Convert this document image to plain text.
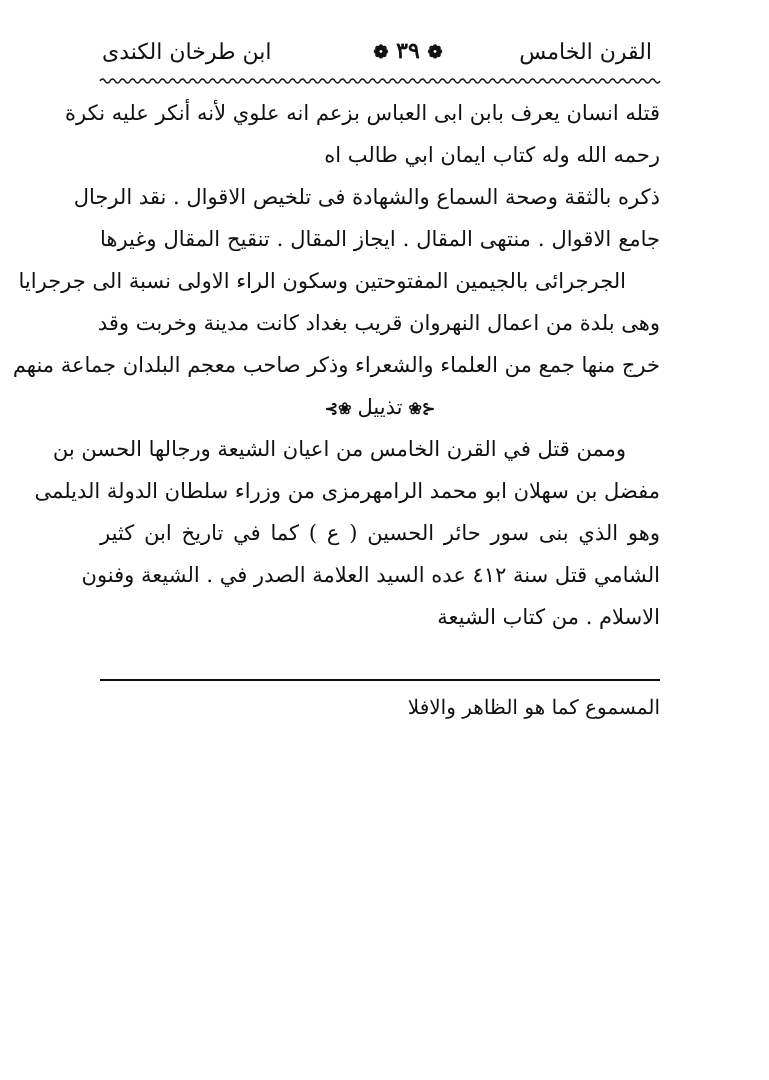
القرن الخامس
❁ ٣٩ ❁
ابن طرخان الكندى
قتله انسان يعرف بابن ابى العباس بزعم انه علوي لأنه أنكر عليه نكرة
رحمه الله وله كتاب ايمان ابي طالب اه
ذكره بالثقة وصحة السماع والشهادة فى تلخيص الاقوال . نقد الرجال
جامع الاقوال . منتهى المقال . ايجاز المقال . تنقيح المقال وغيرها
الجرجرائى بالجيمين المفتوحتين وسكون الراء الاولى نسبة الى جرجرايا
وهى بلدة من اعمال النهروان قريب بغداد كانت مدينة وخربت وقد
خرج منها جمع من العلماء والشعراء وذكر صاحب معجم البلدان جماعة منهم
⊰❀تذييل❀⊱
وممن قتل في القرن الخامس من اعيان الشيعة ورجالها الحسن بن
مفضل بن سهلان ابو محمد الرامهرمزى من وزراء سلطان الدولة الديلمى
وهو الذي بنى سور حائر الحسين ( ع ) كما في تاريخ ابن كثير
الشامي قتل سنة ٤١٢ عده السيد العلامة الصدر في . الشيعة وفنون
الاسلام . من كتاب الشيعة
المسموع كما هو الظاهر والافلا
